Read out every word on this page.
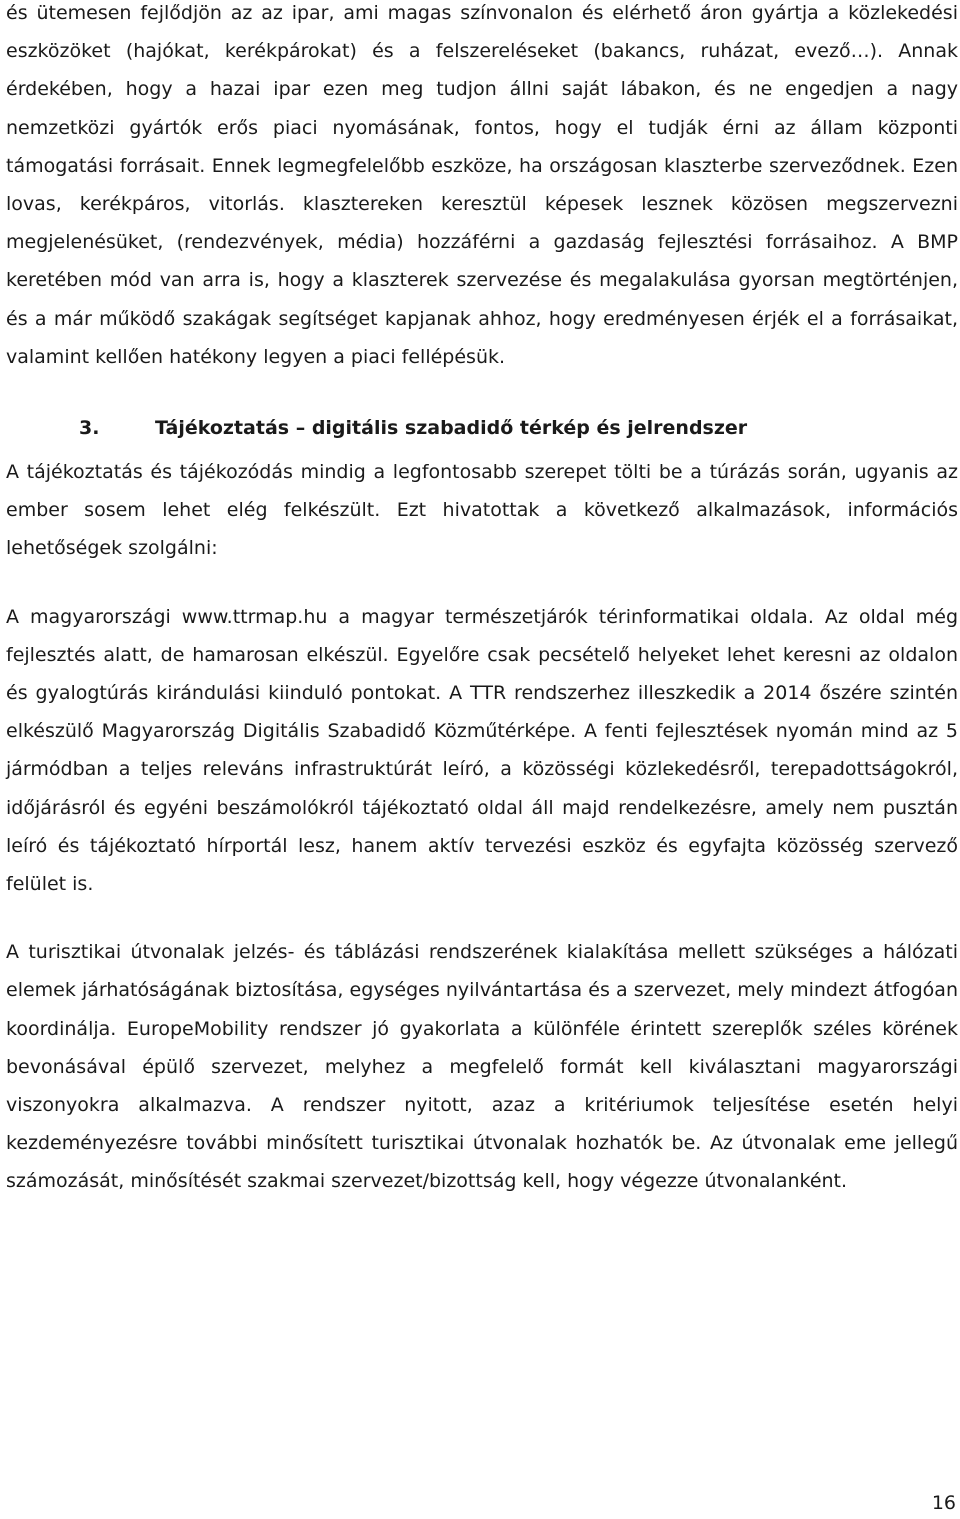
és ütemesen fejlődjön az az ipar, ami magas színvonalon és elérhető áron gyártja a közlekedési eszközöket (hajókat, kerékpárokat) és a felszereléseket (bakancs, ruházat, evező…). Annak érdekében, hogy a hazai ipar ezen meg tudjon állni saját lábakon, és ne engedjen a nagy nemzetközi gyártók erős piaci nyomásának, fontos, hogy el tudják érni az állam központi támogatási forrásait. Ennek legmegfelelőbb eszköze, ha országosan klaszterbe szerveződnek. Ezen lovas, kerékpáros, vitorlás. klasztereken keresztül képesek lesznek közösen megszervezni megjelenésüket, (rendezvények, média) hozzáférni a gazdaság fejlesztési forrásaihoz. A BMP keretében mód van arra is, hogy a klaszterek szervezése és megalakulása gyorsan megtörténjen, és a már működő szakágak segítséget kapjanak ahhoz, hogy eredményesen érjék el a forrásaikat, valamint kellően hatékony legyen a piaci fellépésük.

3.	Tájékoztatás – digitális szabadidő térkép és jelrendszer

A tájékoztatás és tájékozódás mindig a legfontosabb szerepet tölti be a túrázás során, ugyanis az ember sosem lehet elég felkészült. Ezt hivatottak a következő alkalmazások, információs lehetőségek szolgálni:

A magyarországi www.ttrmap.hu a magyar természetjárók térinformatikai oldala. Az oldal még fejlesztés alatt, de hamarosan elkészül. Egyelőre csak pecsételő helyeket lehet keresni az oldalon és gyalogtúrás kirándulási kiinduló pontokat. A TTR rendszerhez illeszkedik a 2014 őszére szintén elkészülő Magyarország Digitális Szabadidő Közműtérképe. A fenti fejlesztések nyomán mind az 5 jármódban a teljes releváns infrastruktúrát leíró, a közösségi közlekedésről, terepadottságokról, időjárásról és egyéni beszámolókról tájékoztató oldal áll majd rendelkezésre, amely nem pusztán leíró és tájékoztató hírportál lesz, hanem aktív tervezési eszköz és egyfajta közösség szervező felület is.

A turisztikai útvonalak jelzés- és táblázási rendszerének kialakítása mellett szükséges a hálózati elemek járhatóságának biztosítása, egységes nyilvántartása és a szervezet, mely mindezt átfogóan koordinálja. EuropeMobility rendszer jó gyakorlata a különféle érintett szereplők széles körének bevonásával épülő szervezet, melyhez a megfelelő formát kell kiválasztani magyarországi viszonyokra alkalmazva. A rendszer nyitott, azaz a kritériumok teljesítése esetén helyi kezdeményezésre további minősített turisztikai útvonalak hozhatók be. Az útvonalak eme jellegű számozását, minősítését szakmai szervezet/bizottság kell, hogy végezze útvonalanként.

16
